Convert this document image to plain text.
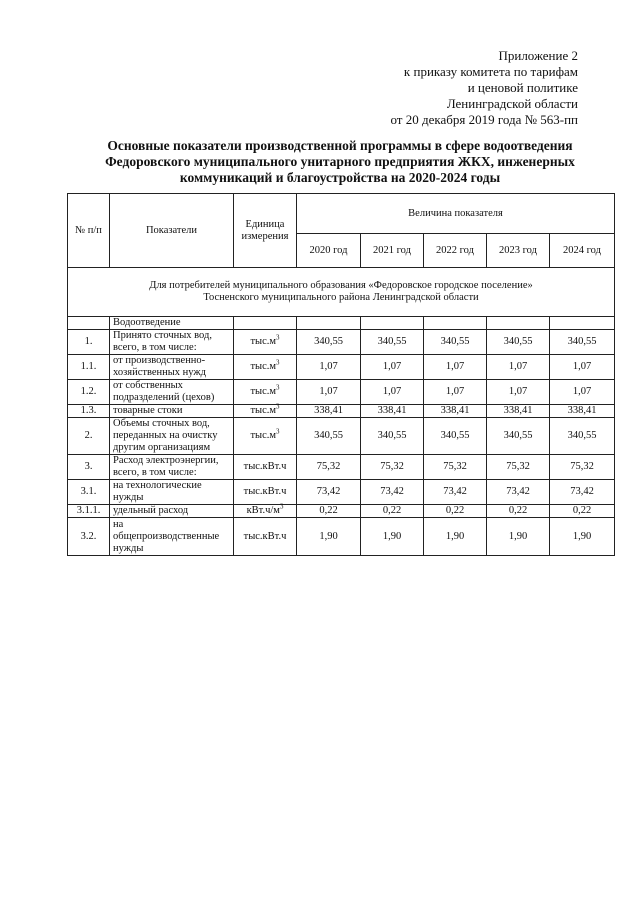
Приложение 2
к приказу комитета по тарифам
и ценовой политике
Ленинградской области
от 20 декабря 2019 года № 563-пп
Основные показатели производственной программы в сфере водоотведения
Федоровского муниципального унитарного предприятия ЖКХ, инженерных
коммуникаций и благоустройства на 2020-2024 годы
№ п/п	Показатели	Единица измерения	Величина показателя				
			2020 год	2021 год	2022 год	2023 год	2024 год

Для потребителей муниципального образования «Федоровское городское поселение»
Тосненского муниципального района Ленинградской области							

	Водоотведение						
1.	Принято сточных вод, всего, в том числе:	$тыс.м^3$	340,55	340,55	340,55	340,55	340,55
1.1.	от производственно-хозяйственных нужд	$тыс.м^3$	1,07	1,07	1,07	1,07	1,07
1.2.	от собственных подразделений (цехов)	$тыс.м^3$	1,07	1,07	1,07	1,07	1,07
1.3.	товарные стоки	$тыс.м^3$	338,41	338,41	338,41	338,41	338,41
2.	Объемы сточных вод, переданных на очистку другим организациям	$тыс.м^3$	340,55	340,55	340,55	340,55	340,55
3.	Расход электроэнергии, всего, в том числе:	тыс.кВт.ч	75,32	75,32	75,32	75,32	75,32
3.1.	на технологические нужды	тыс.кВт.ч	73,42	73,42	73,42	73,42	73,42
3.1.1.	удельный расход	$кВт.ч/м^3$	0,22	0,22	0,22	0,22	0,22
3.2.	на общепроизводственные нужды	тыс.кВт.ч	1,90	1,90	1,90	1,90	1,90
